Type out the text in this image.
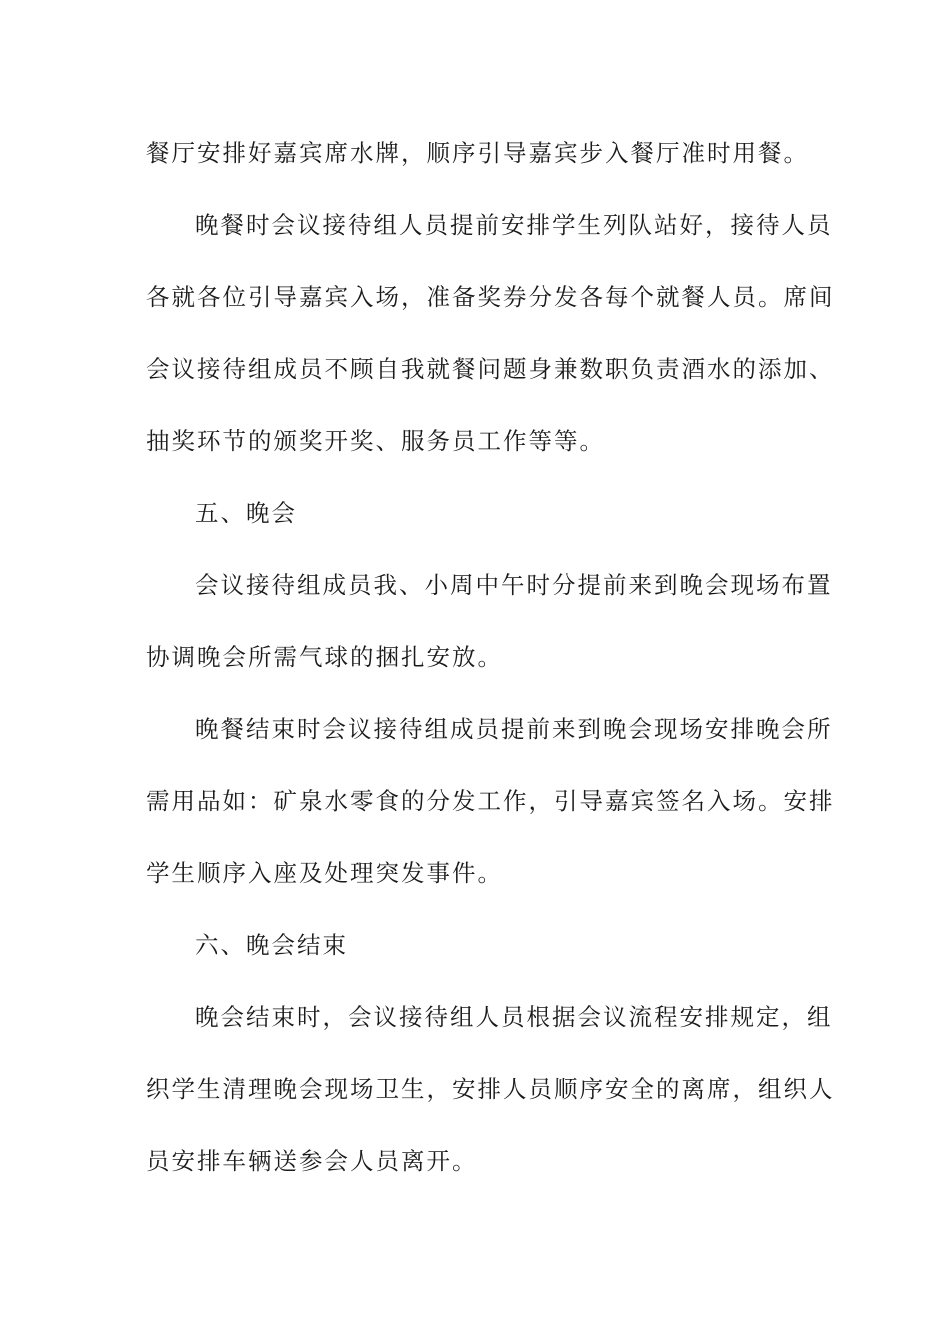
餐厅安排好嘉宾席水牌，顺序引导嘉宾步入餐厅准时用餐。
晚餐时会议接待组人员提前安排学生列队站好，接待人员
各就各位引导嘉宾入场，准备奖券分发各每个就餐人员。席间
会议接待组成员不顾自我就餐问题身兼数职负责酒水的添加、
抽奖环节的颁奖开奖、服务员工作等等。
五、晚会
会议接待组成员我、小周中午时分提前来到晚会现场布置
协调晚会所需气球的捆扎安放。
晚餐结束时会议接待组成员提前来到晚会现场安排晚会所
需用品如：矿泉水零食的分发工作，引导嘉宾签名入场。安排
学生顺序入座及处理突发事件。
六、晚会结束
晚会结束时，会议接待组人员根据会议流程安排规定，组
织学生清理晚会现场卫生，安排人员顺序安全的离席，组织人
员安排车辆送参会人员离开。
